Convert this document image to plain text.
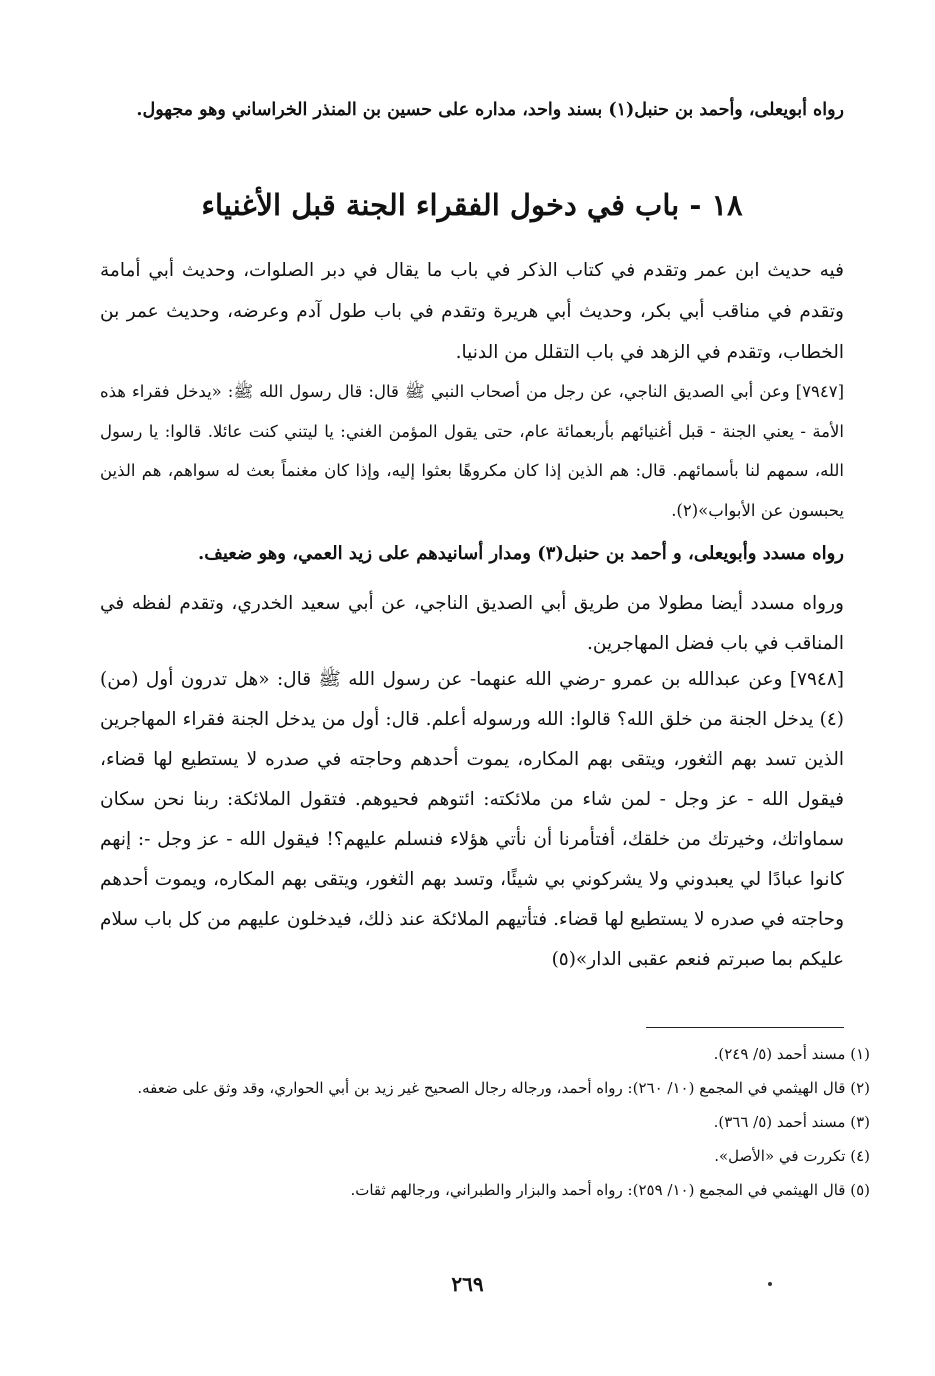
رواه أبويعلى، وأحمد بن حنبل(١) بسند واحد، مداره على حسين بن المنذر الخراساني وهو مجهول.
١٨ - باب في دخول الفقراء الجنة قبل الأغنياء
فيه حديث ابن عمر وتقدم في كتاب الذكر في باب ما يقال في دبر الصلوات، وحديث أبي أمامة وتقدم في مناقب أبي بكر، وحديث أبي هريرة وتقدم في باب طول آدم وعرضه، وحديث عمر بن الخطاب، وتقدم في الزهد في باب التقلل من الدنيا.
[٧٩٤٧] وعن أبي الصديق الناجي، عن رجل من أصحاب النبي ﷺ قال: قال رسول الله ﷺ: «يدخل فقراء هذه الأمة - يعني الجنة - قبل أغنيائهم بأربعمائة عام، حتى يقول المؤمن الغني: يا ليتني كنت عائلا. قالوا: يا رسول الله، سمهم لنا بأسمائهم. قال: هم الذين إذا كان مكروهًا بعثوا إليه، وإذا كان مغنماً بعث له سواهم، هم الذين يحبسون عن الأبواب»(٢).
رواه مسدد وأبويعلى، و أحمد بن حنبل(٣) ومدار أسانيدهم على زيد العمي، وهو ضعيف.
ورواه مسدد أيضا مطولا من طريق أبي الصديق الناجي، عن أبي سعيد الخدري، وتقدم لفظه في المناقب في باب فضل المهاجرين.
[٧٩٤٨] وعن عبدالله بن عمرو -رضي الله عنهما- عن رسول الله ﷺ قال: «هل تدرون أول (من)(٤) يدخل الجنة من خلق الله؟ قالوا: الله ورسوله أعلم. قال: أول من يدخل الجنة فقراء المهاجرين الذين تسد بهم الثغور، ويتقى بهم المكاره، يموت أحدهم وحاجته في صدره لا يستطيع لها قضاء، فيقول الله - عز وجل - لمن شاء من ملائكته: ائتوهم فحيوهم. فتقول الملائكة: ربنا نحن سكان سماواتك، وخيرتك من خلقك، أفتأمرنا أن نأتي هؤلاء فنسلم عليهم؟! فيقول الله - عز وجل -: إنهم كانوا عبادًا لي يعبدوني ولا يشركوني بي شيئًا، وتسد بهم الثغور، ويتقى بهم المكاره، ويموت أحدهم وحاجته في صدره لا يستطيع لها قضاء. فتأتيهم الملائكة عند ذلك، فيدخلون عليهم من كل باب سلام عليكم بما صبرتم فنعم عقبى الدار»(٥)
(١) مسند أحمد (٥/ ٢٤٩).
(٢) قال الهيثمي في المجمع (١٠/ ٢٦٠): رواه أحمد، ورجاله رجال الصحيح غير زيد بن أبي الحواري، وقد وثق على ضعفه.
(٣) مسند أحمد (٥/ ٣٦٦).
(٤) تكررت في «الأصل».
(٥) قال الهيثمي في المجمع (١٠/ ٢٥٩): رواه أحمد والبزار والطبراني، ورجالهم ثقات.
٢٦٩
